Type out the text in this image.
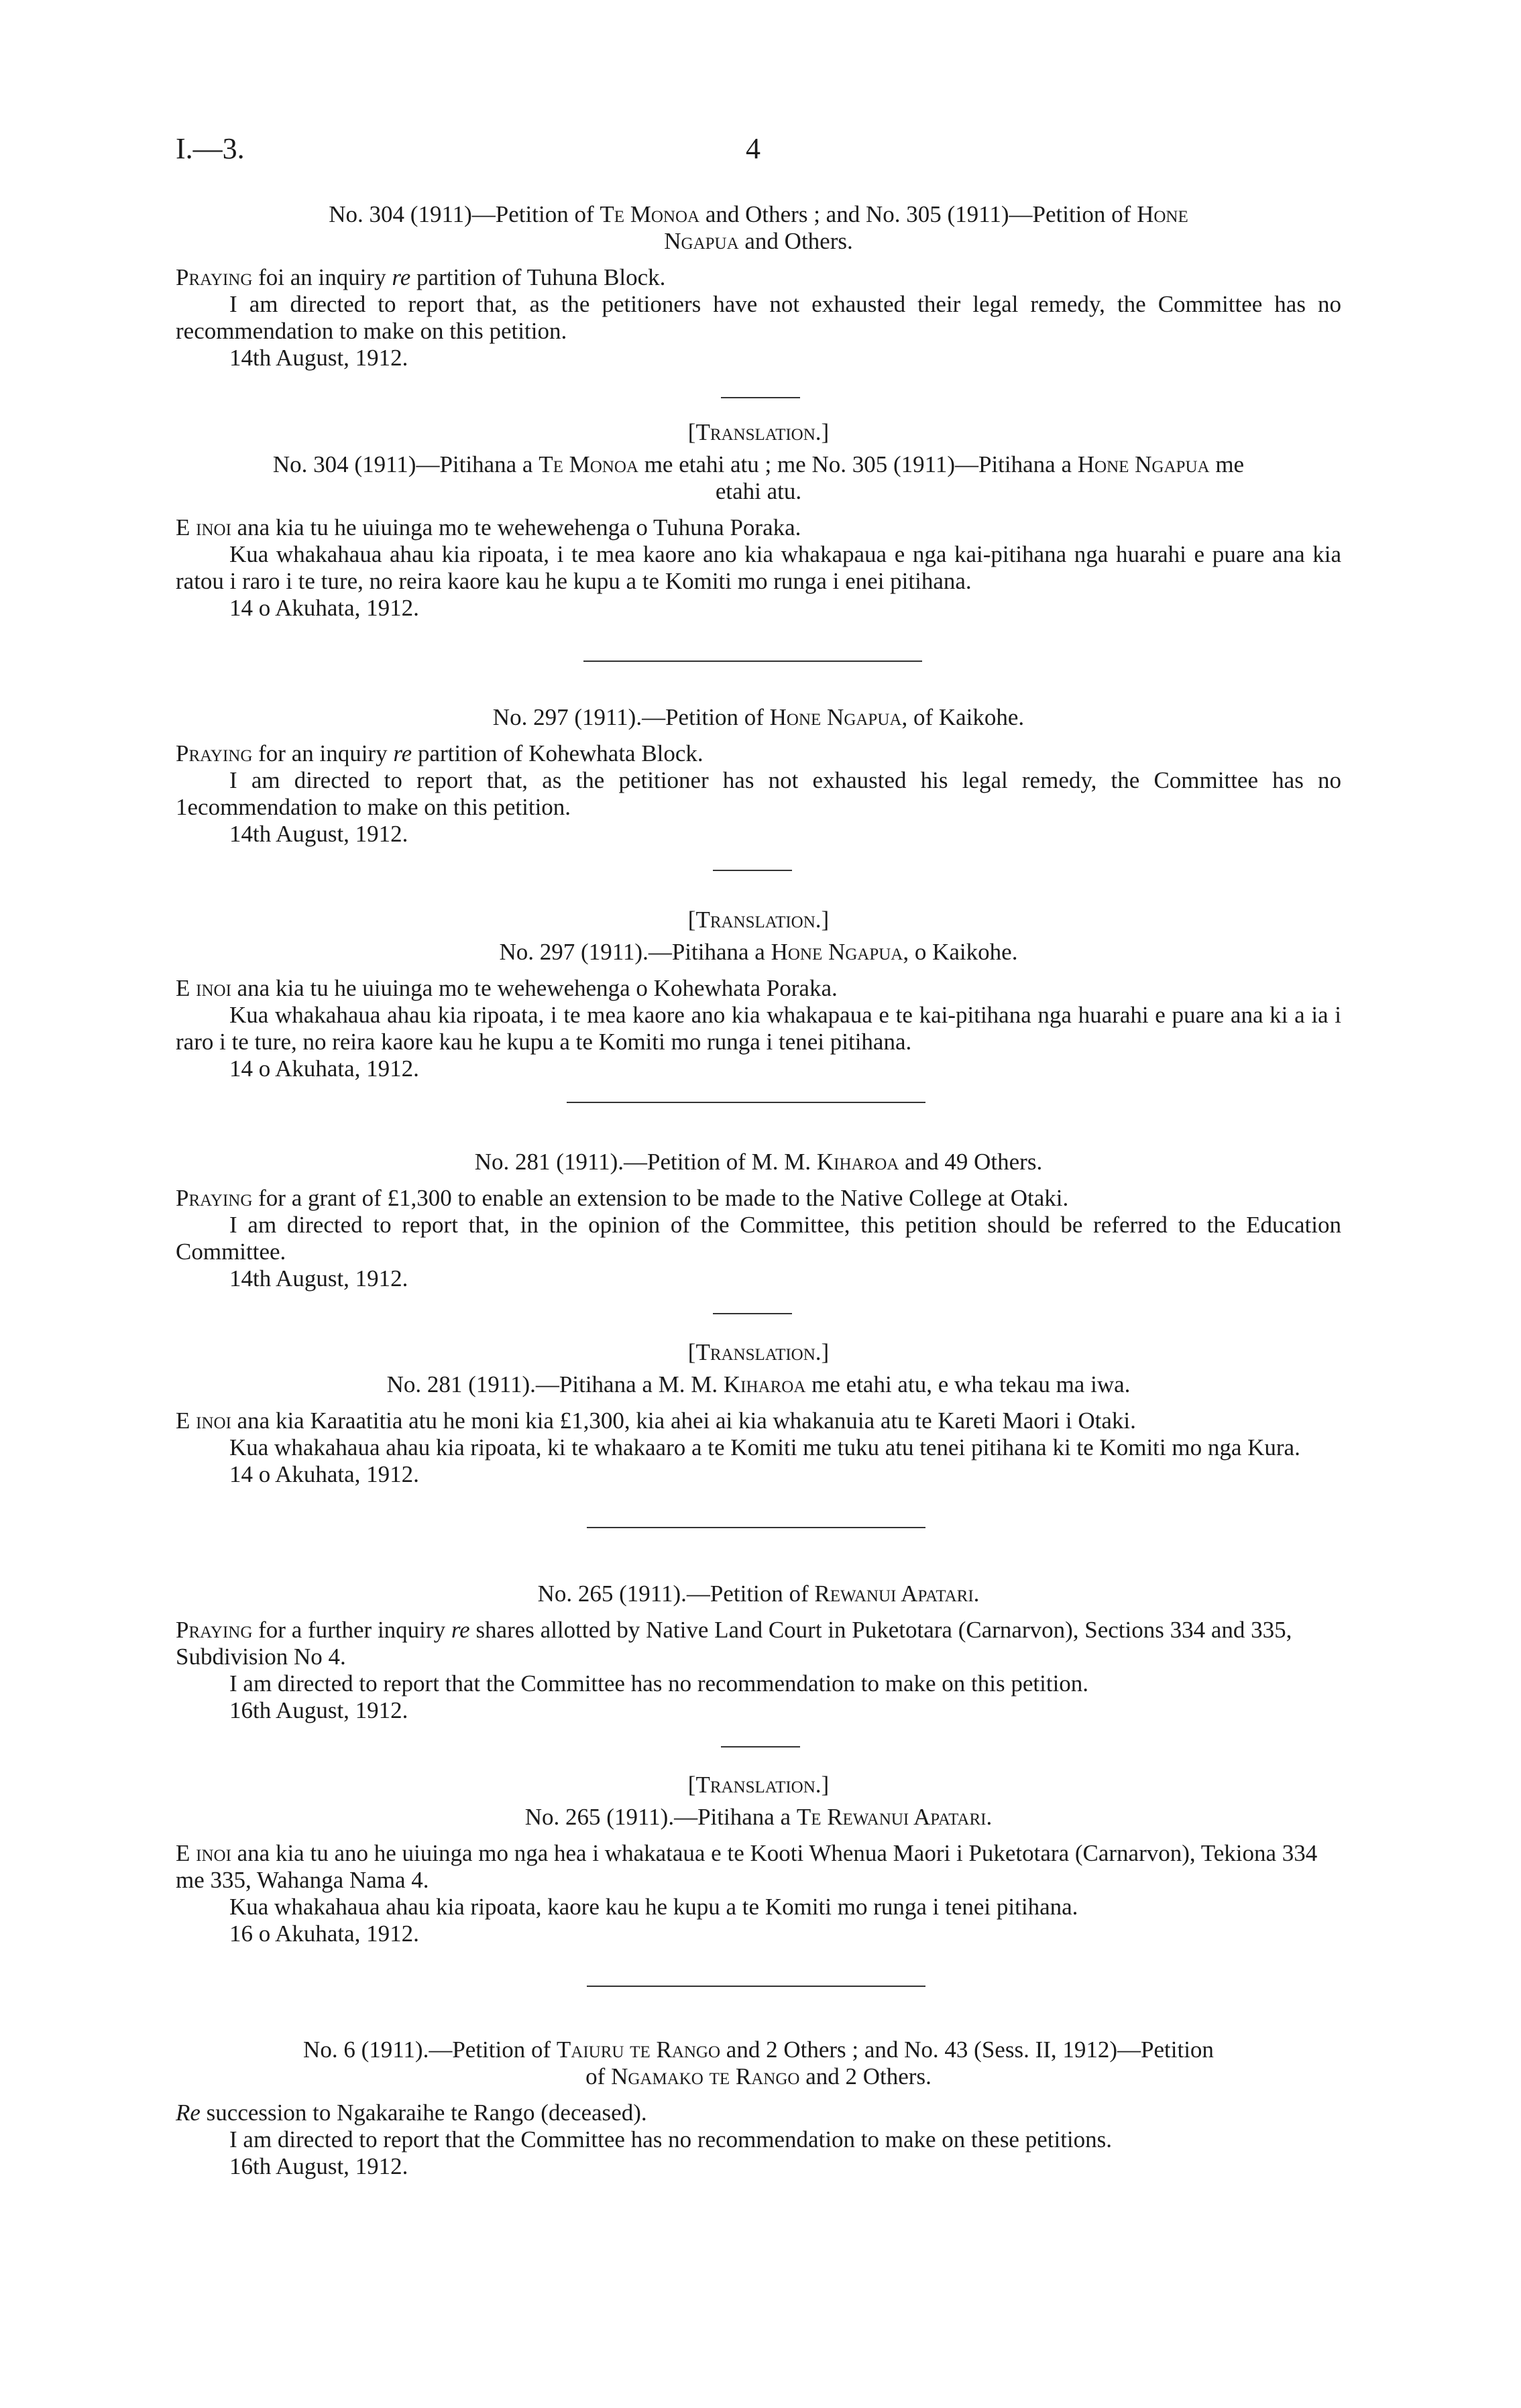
I.—3.	4

No. 304 (1911)—Petition of Te Monoa and Others ; and No. 305 (1911)—Petition of Hone
Ngapua and Others.

Praying foi an inquiry re partition of Tuhuna Block.

I am directed to report that, as the petitioners have not exhausted their legal remedy, the Committee has no recommendation to make on this petition.

14th August, 1912.

[Translation.]

No. 304 (1911)—Pitihana a Te Monoa me etahi atu ; me No. 305 (1911)—Pitihana a Hone Ngapua me
etahi atu.

E inoi ana kia tu he uiuinga mo te wehewehenga o Tuhuna Poraka.

Kua whakahaua ahau kia ripoata, i te mea kaore ano kia whakapaua e nga kai-pitihana nga huarahi e puare ana kia ratou i raro i te ture, no reira kaore kau he kupu a te Komiti mo runga i enei pitihana.

14 o Akuhata, 1912.

No. 297 (1911).—Petition of Hone Ngapua, of Kaikohe.

Praying for an inquiry re partition of Kohewhata Block.

I am directed to report that, as the petitioner has not exhausted his legal remedy, the Committee has no 1ecommendation to make on this petition.

14th August, 1912.

[Translation.]

No. 297 (1911).—Pitihana a Hone Ngapua, o Kaikohe.

E inoi ana kia tu he uiuinga mo te wehewehenga o Kohewhata Poraka.

Kua whakahaua ahau kia ripoata, i te mea kaore ano kia whakapaua e te kai-pitihana nga huarahi e puare ana ki a ia i raro i te ture, no reira kaore kau he kupu a te Komiti mo runga i tenei pitihana.

14 o Akuhata, 1912.

No. 281 (1911).—Petition of M. M. Kiharoa and 49 Others.

Praying for a grant of £1,300 to enable an extension to be made to the Native College at Otaki.

I am directed to report that, in the opinion of the Committee, this petition should be referred to the Education Committee.

14th August, 1912.

[Translation.]

No. 281 (1911).—Pitihana a M. M. Kiharoa me etahi atu, e wha tekau ma iwa.

E inoi ana kia Karaatitia atu he moni kia £1,300, kia ahei ai kia whakanuia atu te Kareti Maori i Otaki.

Kua whakahaua ahau kia ripoata, ki te whakaaro a te Komiti me tuku atu tenei pitihana ki te Komiti mo nga Kura.

14 o Akuhata, 1912.

No. 265 (1911).—Petition of Rewanui Apatari.

Praying for a further inquiry re shares allotted by Native Land Court in Puketotara (Carnarvon), Sections 334 and 335, Subdivision No 4.

I am directed to report that the Committee has no recommendation to make on this petition.

16th August, 1912.

[Translation.]

No. 265 (1911).—Pitihana a Te Rewanui Apatari.

E inoi ana kia tu ano he uiuinga mo nga hea i whakataua e te Kooti Whenua Maori i Puketotara (Carnarvon), Tekiona 334 me 335, Wahanga Nama 4.

Kua whakahaua ahau kia ripoata, kaore kau he kupu a te Komiti mo runga i tenei pitihana.

16 o Akuhata, 1912.

No. 6 (1911).—Petition of Taiuru te Rango and 2 Others ; and No. 43 (Sess. II, 1912)—Petition
of Ngamako te Rango and 2 Others.

Re succession to Ngakaraihe te Rango (deceased).

I am directed to report that the Committee has no recommendation to make on these petitions.

16th August, 1912.
